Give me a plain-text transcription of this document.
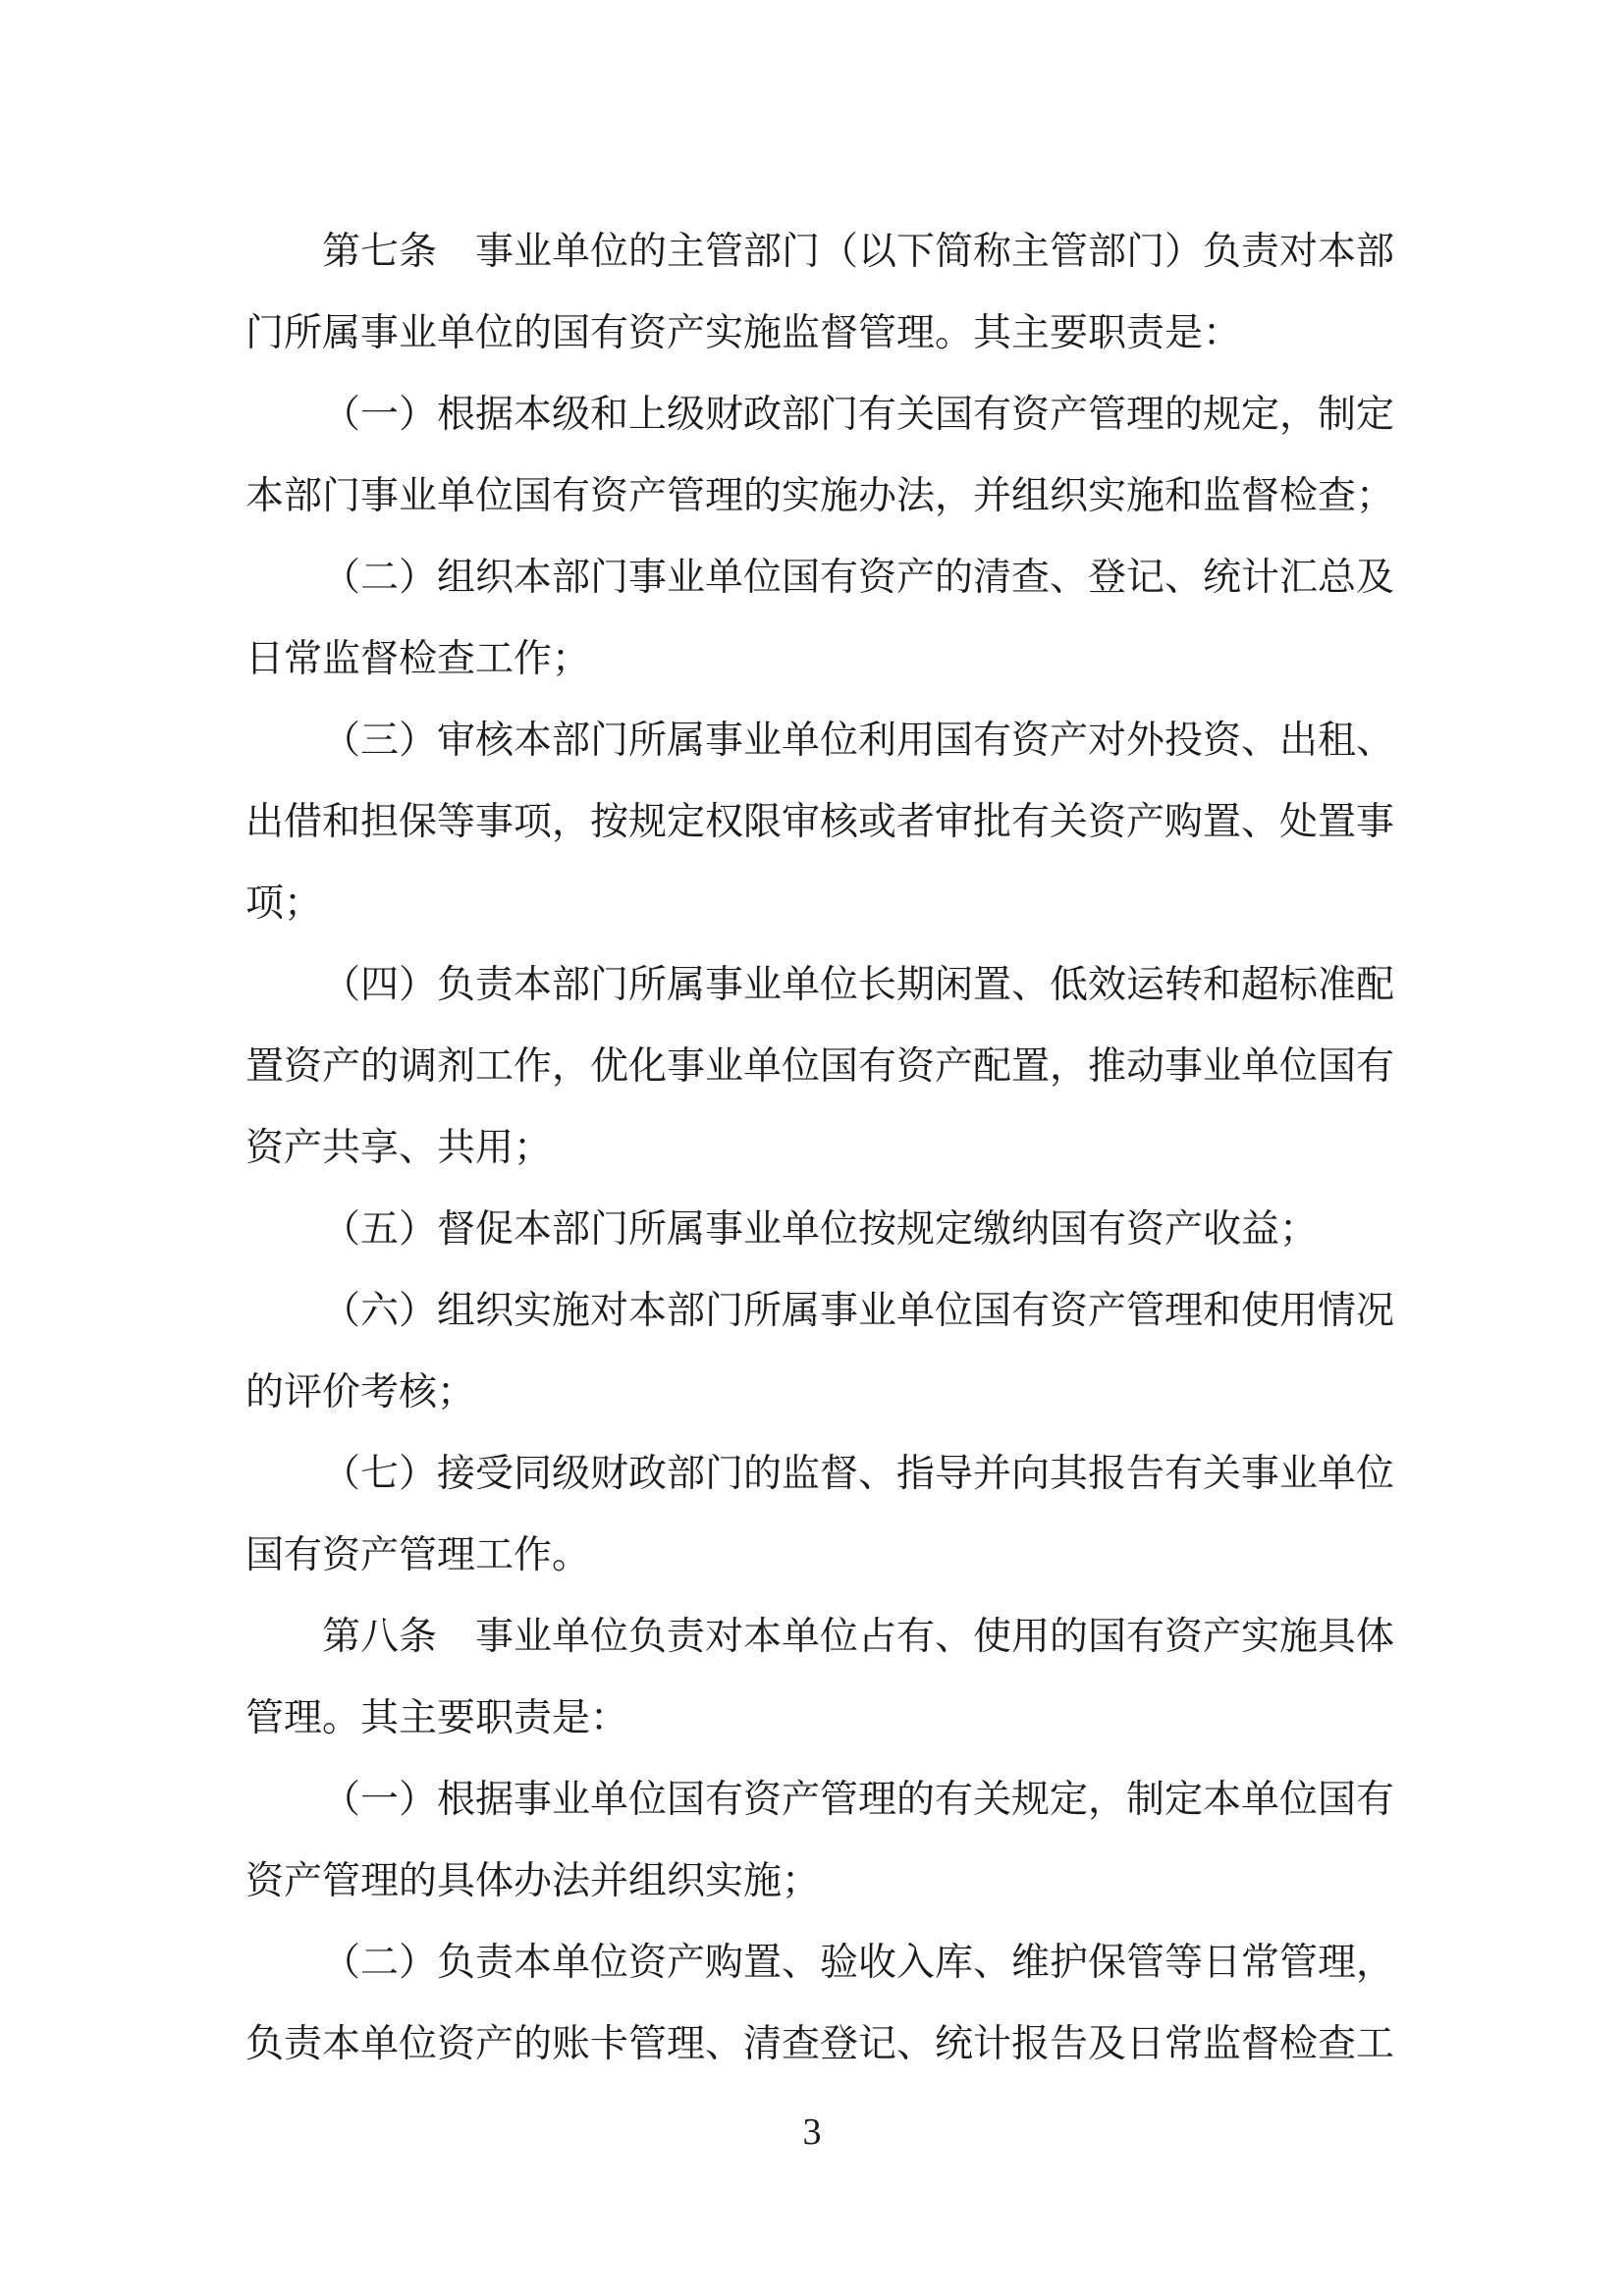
第七条　事业单位的主管部门（以下简称主管部门）负责对本部门所属事业单位的国有资产实施监督管理。其主要职责是：

（一）根据本级和上级财政部门有关国有资产管理的规定，制定本部门事业单位国有资产管理的实施办法，并组织实施和监督检查；

（二）组织本部门事业单位国有资产的清查、登记、统计汇总及日常监督检查工作；

（三）审核本部门所属事业单位利用国有资产对外投资、出租、出借和担保等事项，按规定权限审核或者审批有关资产购置、处置事项；

（四）负责本部门所属事业单位长期闲置、低效运转和超标准配置资产的调剂工作，优化事业单位国有资产配置，推动事业单位国有资产共享、共用；

（五）督促本部门所属事业单位按规定缴纳国有资产收益；

（六）组织实施对本部门所属事业单位国有资产管理和使用情况的评价考核；

（七）接受同级财政部门的监督、指导并向其报告有关事业单位国有资产管理工作。

第八条　事业单位负责对本单位占有、使用的国有资产实施具体管理。其主要职责是：

（一）根据事业单位国有资产管理的有关规定，制定本单位国有资产管理的具体办法并组织实施；

（二）负责本单位资产购置、验收入库、维护保管等日常管理，负责本单位资产的账卡管理、清查登记、统计报告及日常监督检查工

3
